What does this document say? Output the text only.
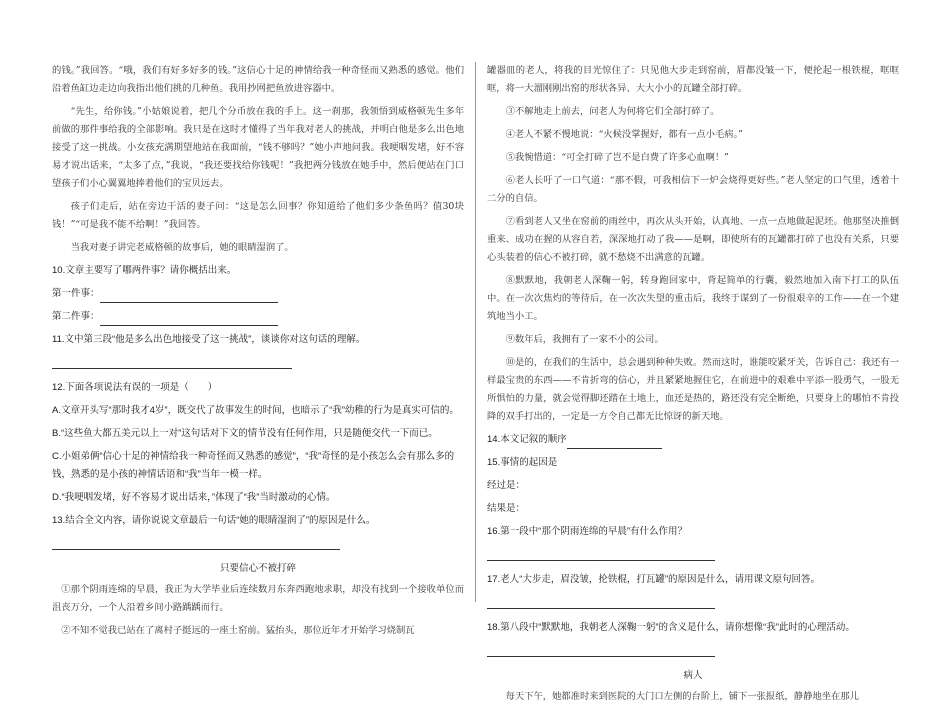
的钱。”我回答。“哦，我们有好多好多的钱。”这信心十足的神情给我一种奇怪而又熟悉的感觉。他们沿着鱼缸边走边向我指出他们挑的几种鱼。我用抄网把鱼放进容器中。

“先生，给你钱。”小姑娘说着，把几个分币放在我的手上。这一刹那，我领悟到威格顿先生多年前做的那件事给我的全部影响。我只是在这时才懂得了当年我对老人的挑战，并明白他是多么出色地接受了这一挑战。小女孩充满期望地站在我面前，“钱不够吗？”她小声地问我。我哽咽发堵，好不容易才说出话来，“太多了点，”我说，“我还要找给你钱呢！”我把两分钱放在她手中，然后便站在门口望孩子们小心翼翼地捧着他们的宝贝远去。

孩子们走后，站在旁边干活的妻子问：“这是怎么回事？你知道给了他们多少条鱼吗？值30块钱！”“可是我不能不给啊！”我回答。

当我对妻子讲完老威格顿的故事后，她的眼睛湿润了。

10.文章主要写了哪两件事？请你概括出来。

第一件事：

第二件事：

11.文中第三段“他是多么出色地接受了这一挑战”，谈谈你对这句话的理解。

12.下面各项说法有误的一项是（　　）

A.文章开头写“那时我才4岁”，既交代了故事发生的时间，也暗示了“我”幼稚的行为是真实可信的。

B.“这些鱼大都五美元以上一对”这句话对下文的情节没有任何作用，只是随便交代一下而已。

C.小姐弟俩“信心十足的神情给我一种奇怪而又熟悉的感觉”，“我”奇怪的是小孩怎么会有那么多的钱，熟悉的是小孩的神情话语和“我”当年一模一样。

D.“我哽咽发堵，好不容易才说出话来，”体现了“我”当时激动的心情。

13.结合全文内容，请你说说文章最后一句话“她的眼睛湿润了”的原因是什么。

只要信心不被打碎

①那个阴雨连绵的早晨，我正为大学毕业后连续数月东奔西跑地求职，却没有找到一个接收单位而沮丧万分，一个人沿着乡间小路踽踽而行。

②不知不觉我已站在了离村子挺远的一座土窑前。猛抬头，那位近年才开始学习烧制瓦

罐器皿的老人，将我的目光惊住了：只见他大步走到窑前，眉都没皱一下，便抡起一根铁棍，哐哐哐，将一大溜刚刚出窑的形状各异、大大小小的瓦罐全部打碎。

③不解地走上前去，问老人为何将它们全部打碎了。

④老人不紧不慢地说：“火候没掌握好，都有一点小毛病。”

⑤我惋惜道：“可全打碎了岂不是白费了许多心血啊！”

⑥老人长吁了一口气道：“那不假，可我相信下一炉会烧得更好些。”老人坚定的口气里，透着十二分的自信。

⑦看到老人又坐在窑前的雨丝中，再次从头开始，认真地、一点一点地做起泥坯。他那坚决推倒重来、成功在握的从容自若，深深地打动了我——是啊，即使所有的瓦罐都打碎了也没有关系，只要心头装着的信心不被打碎，就不愁烧不出满意的瓦罐。

⑧默默地，我朝老人深鞠一躬，转身跑回家中，背起简单的行囊，毅然地加入南下打工的队伍中。在一次次焦灼的等待后，在一次次失望的重击后，我终于谋到了一份很艰辛的工作——在一个建筑地当小工。

⑨数年后，我拥有了一家不小的公司。

⑩是的，在我们的生活中，总会遇到种种失败。然而这时，谁能咬紧牙关，告诉自己：我还有一样最宝贵的东西——不肯折弯的信心，并且紧紧地握住它，在前进中的艰难中平添一股勇气，一股无所惧怕的力量，就会觉得脚还踏在土地上，血还是热的，路还没有完全断绝，只要身上的哪怕不肯投降的双手打出的，一定是一方令自己都无比惊讶的新天地。

14.本文记叙的顺序

15.事情的起因是

经过是：

结果是：

16.第一段中“那个阴雨连绵的早晨”有什么作用？

17.老人“大步走，眉没皱，抡铁棍，打瓦罐”的原因是什么，请用课文原句回答。

18.第八段中“默默地，我朝老人深鞠一躬”的含义是什么，请你想像“我”此时的心理活动。

病人

每天下午，她都准时来到医院的大门口左侧的台阶上，铺下一张报纸，静静地坐在那儿
